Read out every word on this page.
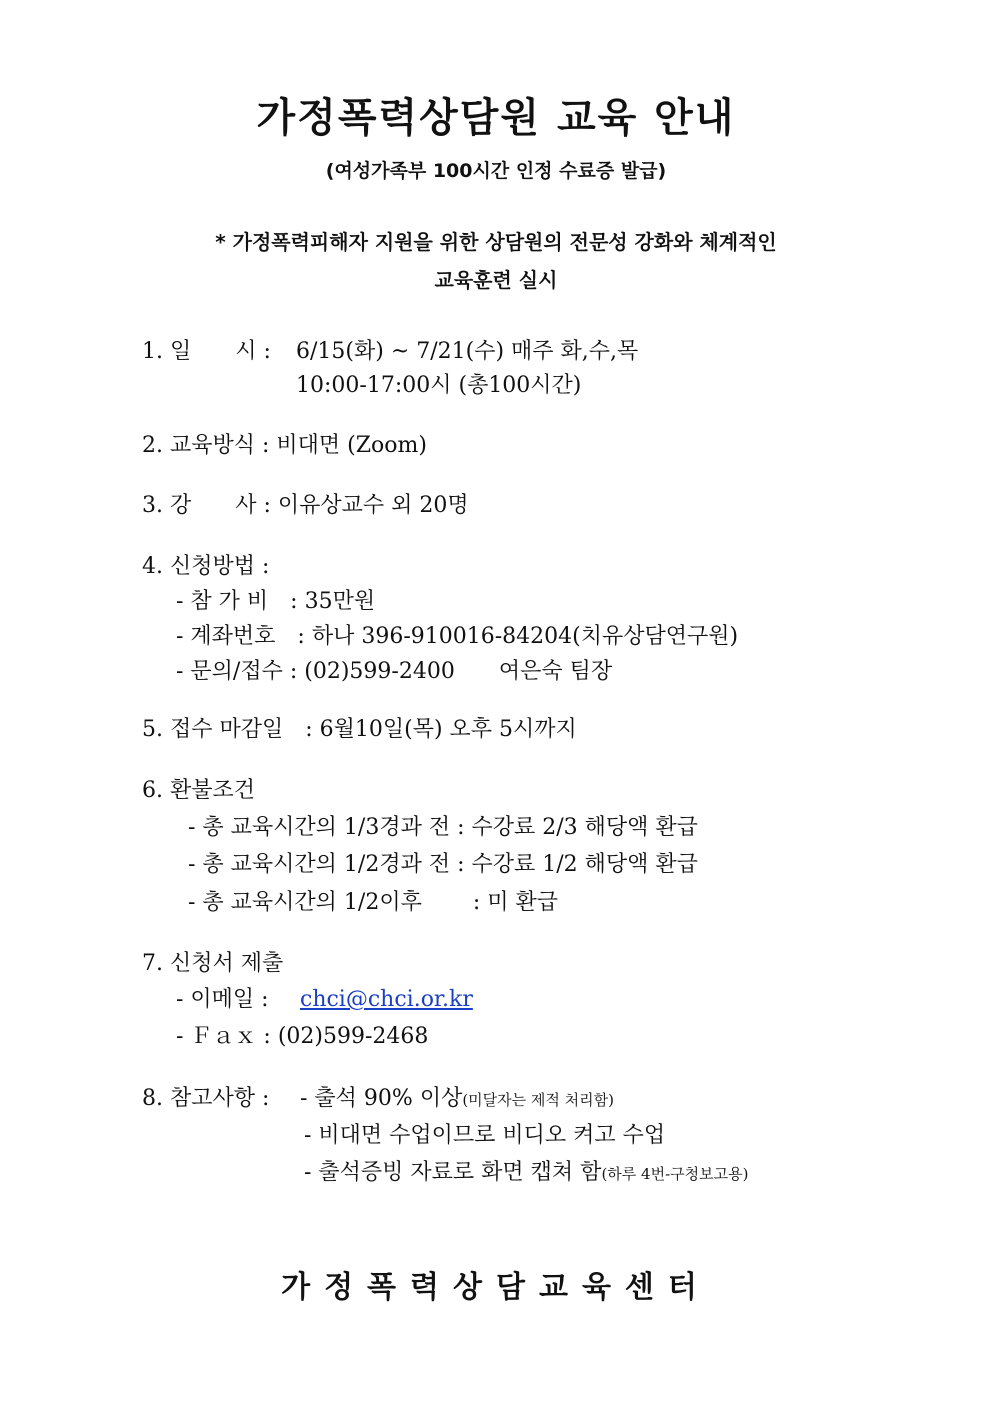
가정폭력상담원 교육 안내
(여성가족부 100시간 인정 수료증 발급)
* 가정폭력피해자 지원을 위한 상담원의 전문성 강화와 체계적인
교육훈련 실시
1. 일　　시 : 6/15(화) ~ 7/21(수) 매주 화,수,목
10:00-17:00시 (총100시간)
2. 교육방식 : 비대면 (Zoom)
3. 강　　사 : 이유상교수 외 20명
4. 신청방법 :
- 참 가 비　: 35만원
- 계좌번호　: 하나 396-910016-84204(치유상담연구원)
- 문의/접수 : (02)599-2400　　여은숙 팀장
5. 접수 마감일　: 6월10일(목) 오후 5시까지
6. 환불조건
- 총 교육시간의 1/3경과 전 : 수강료 2/3 해당액 환급
- 총 교육시간의 1/2경과 전 : 수강료 1/2 해당액 환급
- 총 교육시간의 1/2이후　　 : 미 환급
7. 신청서 제출
- 이메일 : chci@chci.or.kr
- Ｆａｘ : (02)599-2468
8. 참고사항 : - 출석 90% 이상(미달자는 제적 처리함)
- 비대면 수업이므로 비디오 켜고 수업
- 출석증빙 자료로 화면 캡쳐 함(하루 4번-구청보고용)
가정폭력상담교육센터
